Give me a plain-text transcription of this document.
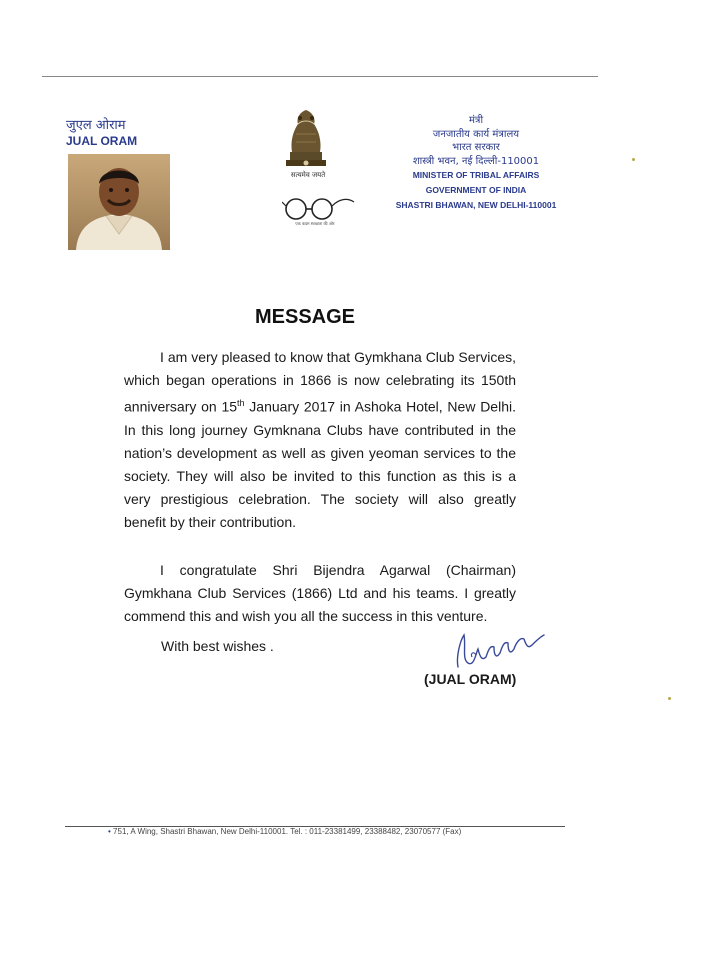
जुएल ओराम
JUAL ORAM
सत्यमेव जयते
एक कदम स्वच्छता की ओर
मंत्री
जनजातीय कार्य मंत्रालय
भारत सरकार
शास्त्री भवन, नई दिल्ली-110001
MINISTER OF TRIBAL AFFAIRS
GOVERNMENT OF INDIA
SHASTRI BHAWAN, NEW DELHI-110001
MESSAGE
I am very pleased to know that Gymkhana Club Services, which began operations in 1866 is now celebrating its 150th anniversary on 15th January 2017 in Ashoka Hotel, New Delhi. In this long journey Gymknana Clubs have contributed in the nation’s development as well as given yeoman services to the society. They will also be invited to this function as this is a very prestigious celebration. The society will also greatly benefit by their contribution.
I congratulate Shri Bijendra Agarwal (Chairman) Gymkhana Club Services (1866) Ltd and his teams. I greatly commend this and wish you all the success in this venture.
With best wishes .
(JUAL ORAM)
• 751, A Wing, Shastri Bhawan, New Delhi-110001. Tel. : 011-23381499, 23388482, 23070577 (Fax)
